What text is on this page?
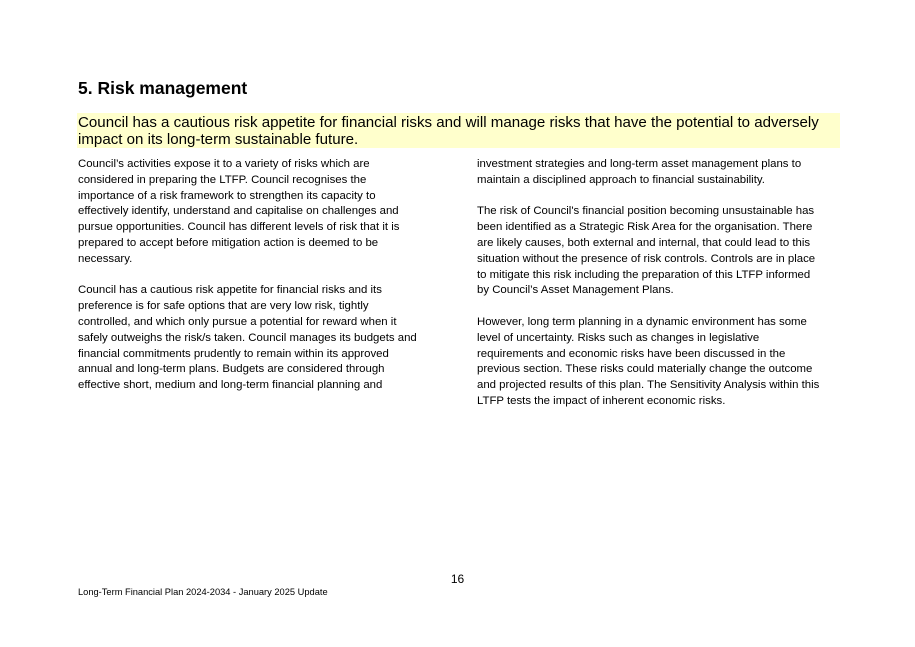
5. Risk management

Council has a cautious risk appetite for financial risks and will manage risks that have the potential to adversely
impact on its long-term sustainable future.

Council’s activities expose it to a variety of risks which are
considered in preparing the LTFP. Council recognises the
importance of a risk framework to strengthen its capacity to
effectively identify, understand and capitalise on challenges and
pursue opportunities. Council has different levels of risk that it is
prepared to accept before mitigation action is deemed to be
necessary.

Council has a cautious risk appetite for financial risks and its
preference is for safe options that are very low risk, tightly
controlled, and which only pursue a potential for reward when it
safely outweighs the risk/s taken. Council manages its budgets and
financial commitments prudently to remain within its approved
annual and long-term plans. Budgets are considered through
effective short, medium and long-term financial planning and

investment strategies and long-term asset management plans to
maintain a disciplined approach to financial sustainability.

The risk of Council's financial position becoming unsustainable has
been identified as a Strategic Risk Area for the organisation. There
are likely causes, both external and internal, that could lead to this
situation without the presence of risk controls. Controls are in place
to mitigate this risk including the preparation of this LTFP informed
by Council’s Asset Management Plans.

However, long term planning in a dynamic environment has some
level of uncertainty. Risks such as changes in legislative
requirements and economic risks have been discussed in the
previous section. These risks could materially change the outcome
and projected results of this plan. The Sensitivity Analysis within this
LTFP tests the impact of inherent economic risks.

16

Long-Term Financial Plan 2024-2034 - January 2025 Update
